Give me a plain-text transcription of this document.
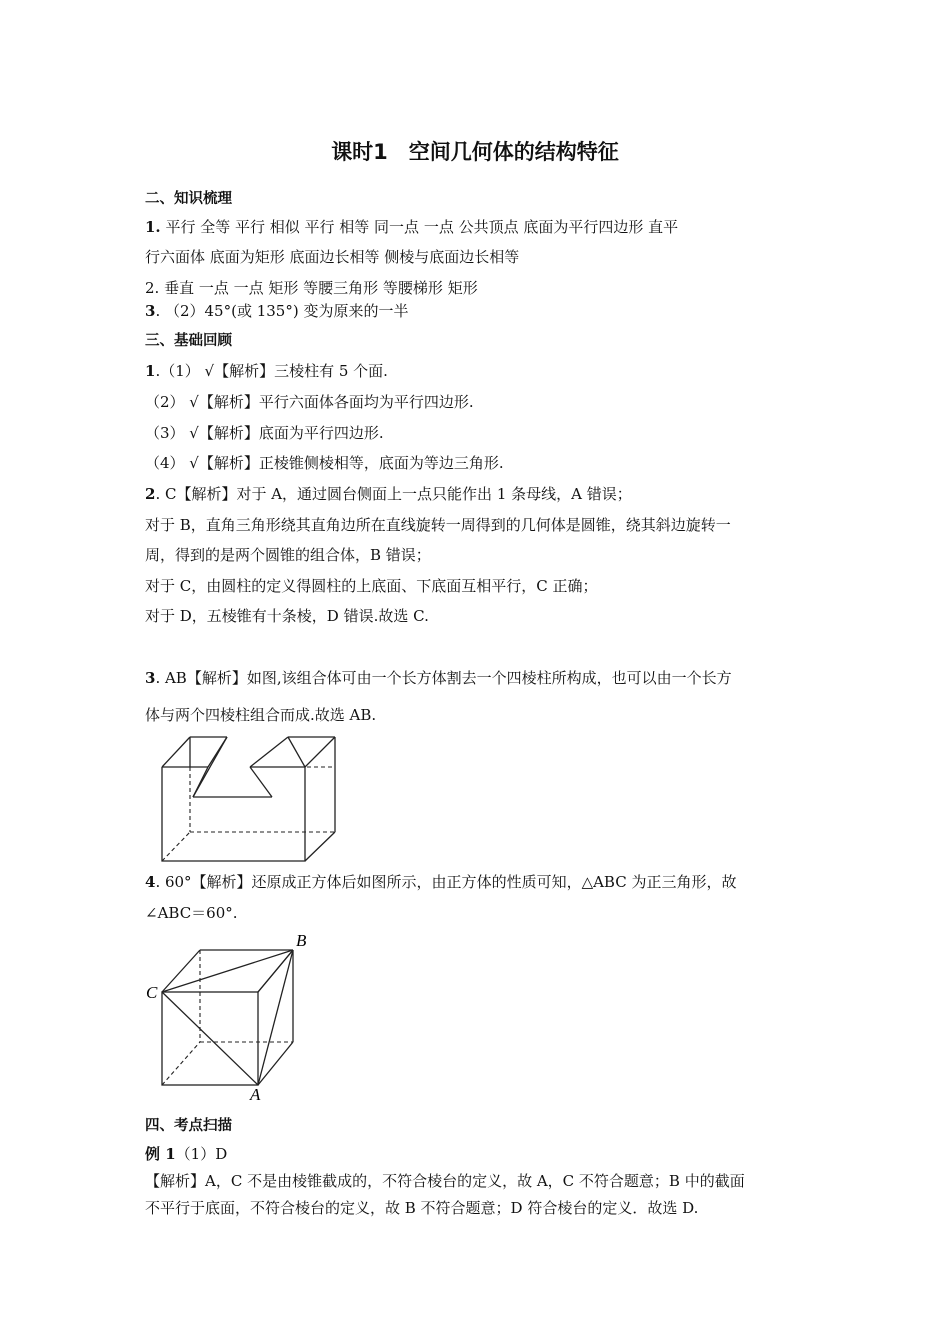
课时1　空间几何体的结构特征
二、知识梳理
1. 平行 全等 平行 相似 平行 相等 同一点 一点 公共顶点 底面为平行四边形 直平
行六面体 底面为矩形 底面边长相等 侧棱与底面边长相等
2. 垂直 一点 一点 矩形 等腰三角形 等腰梯形 矩形
3. （2）45°(或 135°) 变为原来的一半
三、基础回顾
1.（1） √【解析】三棱柱有 5 个面.
（2） √【解析】平行六面体各面均为平行四边形.
（3） √【解析】底面为平行四边形.
（4） √【解析】正棱锥侧棱相等，底面为等边三角形.
2. C【解析】对于 A，通过圆台侧面上一点只能作出 1 条母线，A 错误；
对于 B，直角三角形绕其直角边所在直线旋转一周得到的几何体是圆锥，绕其斜边旋转一
周，得到的是两个圆锥的组合体，B 错误；
对于 C，由圆柱的定义得圆柱的上底面、下底面互相平行，C 正确；
对于 D，五棱锥有十条棱，D 错误.故选 C.
3. AB【解析】如图,该组合体可由一个长方体割去一个四棱柱所构成，也可以由一个长方
体与两个四棱柱组合而成.故选 AB.
4. 60°【解析】还原成正方体后如图所示，由正方体的性质可知，△ABC 为正三角形，故
∠ABC＝60°.
B
C
A
四、考点扫描
例 1（1）D
【解析】A，C 不是由棱锥截成的，不符合棱台的定义，故 A，C 不符合题意；B 中的截面
不平行于底面，不符合棱台的定义，故 B 不符合题意；D 符合棱台的定义．故选 D.
